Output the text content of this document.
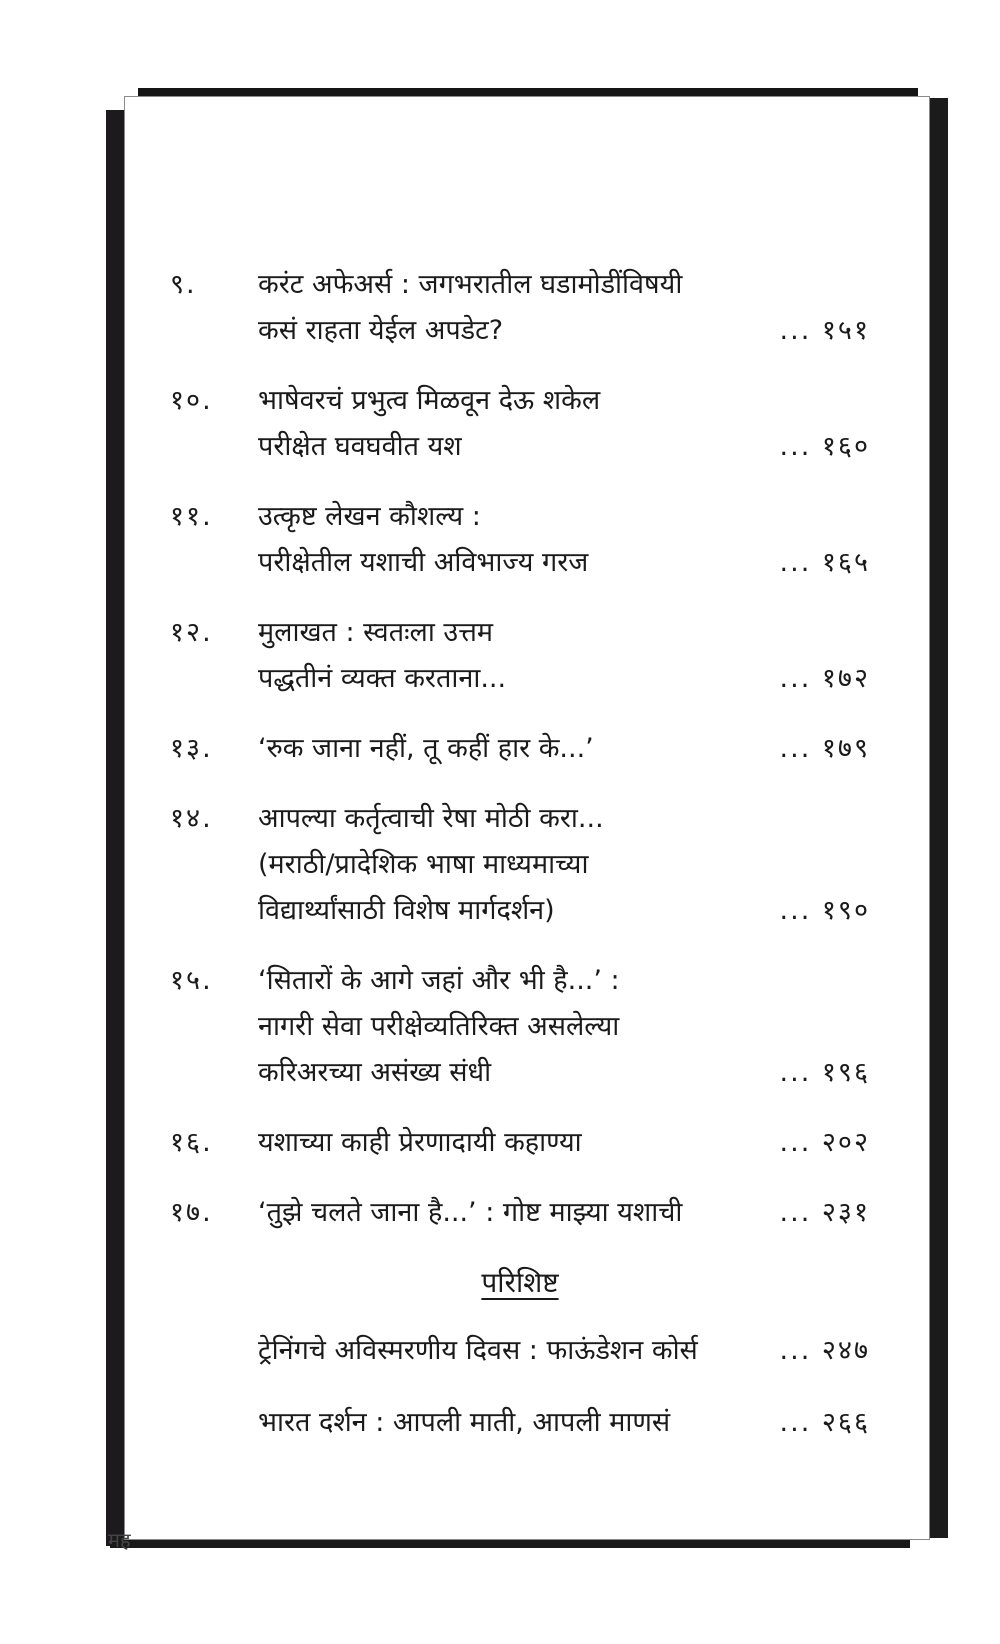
मह
९.	करंट अफेअर्स : जगभरातील घडामोडींविषयी
कसं राहता येईल अपडेट?	... १५१
१०.	भाषेवरचं प्रभुत्व मिळवून देऊ शकेल
परीक्षेत घवघवीत यश	... १६०
११.	उत्कृष्ट लेखन कौशल्य :
परीक्षेतील यशाची अविभाज्य गरज	... १६५
१२.	मुलाखत : स्वतःला उत्तम
पद्धतीनं व्यक्त करताना...	... १७२
१३.	‘रुक जाना नहीं, तू कहीं हार के...’	... १७९
१४.	आपल्या कर्तृत्वाची रेषा मोठी करा...
(मराठी/प्रादेशिक भाषा माध्यमाच्या
विद्यार्थ्यांसाठी विशेष मार्गदर्शन)	... १९०
१५.	‘सितारों के आगे जहां और भी है...’ :
नागरी सेवा परीक्षेव्यतिरिक्त असलेल्या
करिअरच्या असंख्य संधी	... १९६
१६.	यशाच्या काही प्रेरणादायी कहाण्या	... २०२
१७.	‘तुझे चलते जाना है...’ : गोष्ट माझ्या यशाची	... २३१
परिशिष्ट
ट्रेनिंगचे अविस्मरणीय दिवस : फाऊंडेशन कोर्स	... २४७
भारत दर्शन : आपली माती, आपली माणसं	... २६६
